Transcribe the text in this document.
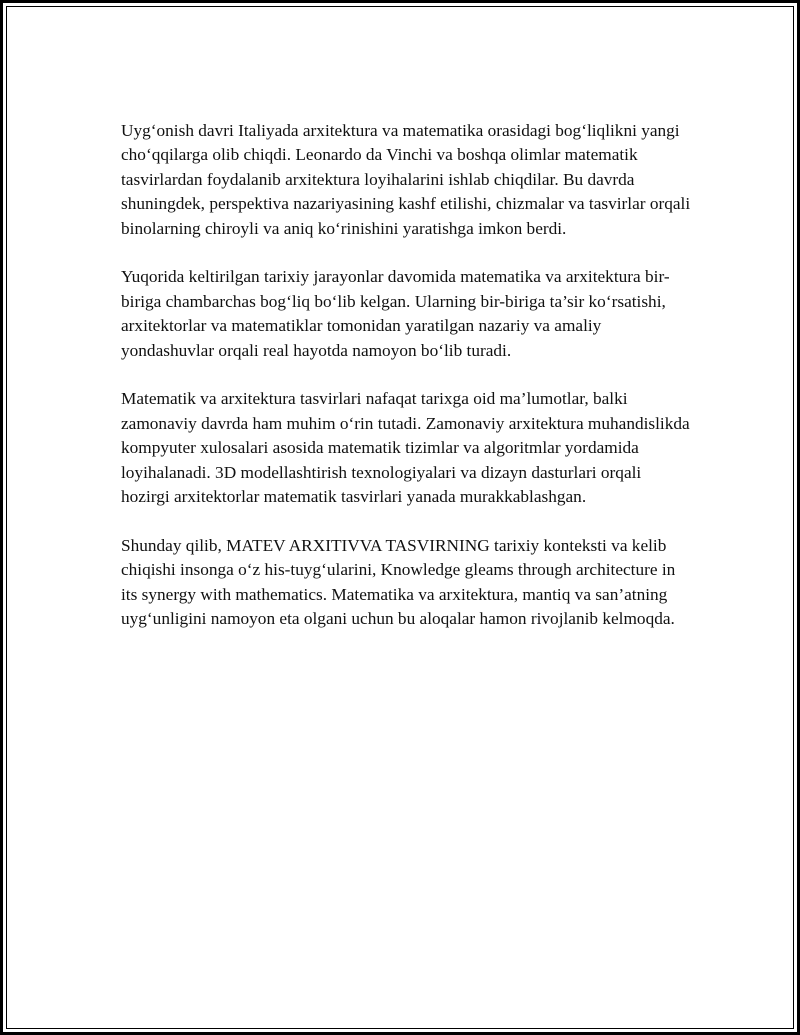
Uyg‘onish davri Italiyada arxitektura va matematika orasidagi bog‘liqlikni yangi cho‘qqilarga olib chiqdi. Leonardo da Vinchi va boshqa olimlar matematik tasvirlardan foydalanib arxitektura loyihalarini ishlab chiqdilar. Bu davrda shuningdek, perspektiva nazariyasining kashf etilishi, chizmalar va tasvirlar orqali binolarning chiroyli va aniq ko‘rinishini yaratishga imkon berdi.

Yuqorida keltirilgan tarixiy jarayonlar davomida matematika va arxitektura bir-biriga chambarchas bog‘liq bo‘lib kelgan. Ularning bir-biriga ta’sir ko‘rsatishi, arxitektorlar va matematiklar tomonidan yaratilgan nazariy va amaliy yondashuvlar orqali real hayotda namoyon bo‘lib turadi.

Matematik va arxitektura tasvirlari nafaqat tarixga oid ma’lumotlar, balki zamonaviy davrda ham muhim o‘rin tutadi. Zamonaviy arxitektura muhandislikda kompyuter xulosalari asosida matematik tizimlar va algoritmlar yordamida loyihalanadi. 3D modellashtirish texnologiyalari va dizayn dasturlari orqali hozirgi arxitektorlar matematik tasvirlari yanada murakkablashgan.

Shunday qilib, MATEV ARXITIVVA TASVIRNING tarixiy konteksti va kelib chiqishi insonga o‘z his-tuyg‘ularini, Knowledge gleams through architecture in its synergy with mathematics. Matematika va arxitektura, mantiq va san’atning uyg‘unligini namoyon eta olgani uchun bu aloqalar hamon rivojlanib kelmoqda.
